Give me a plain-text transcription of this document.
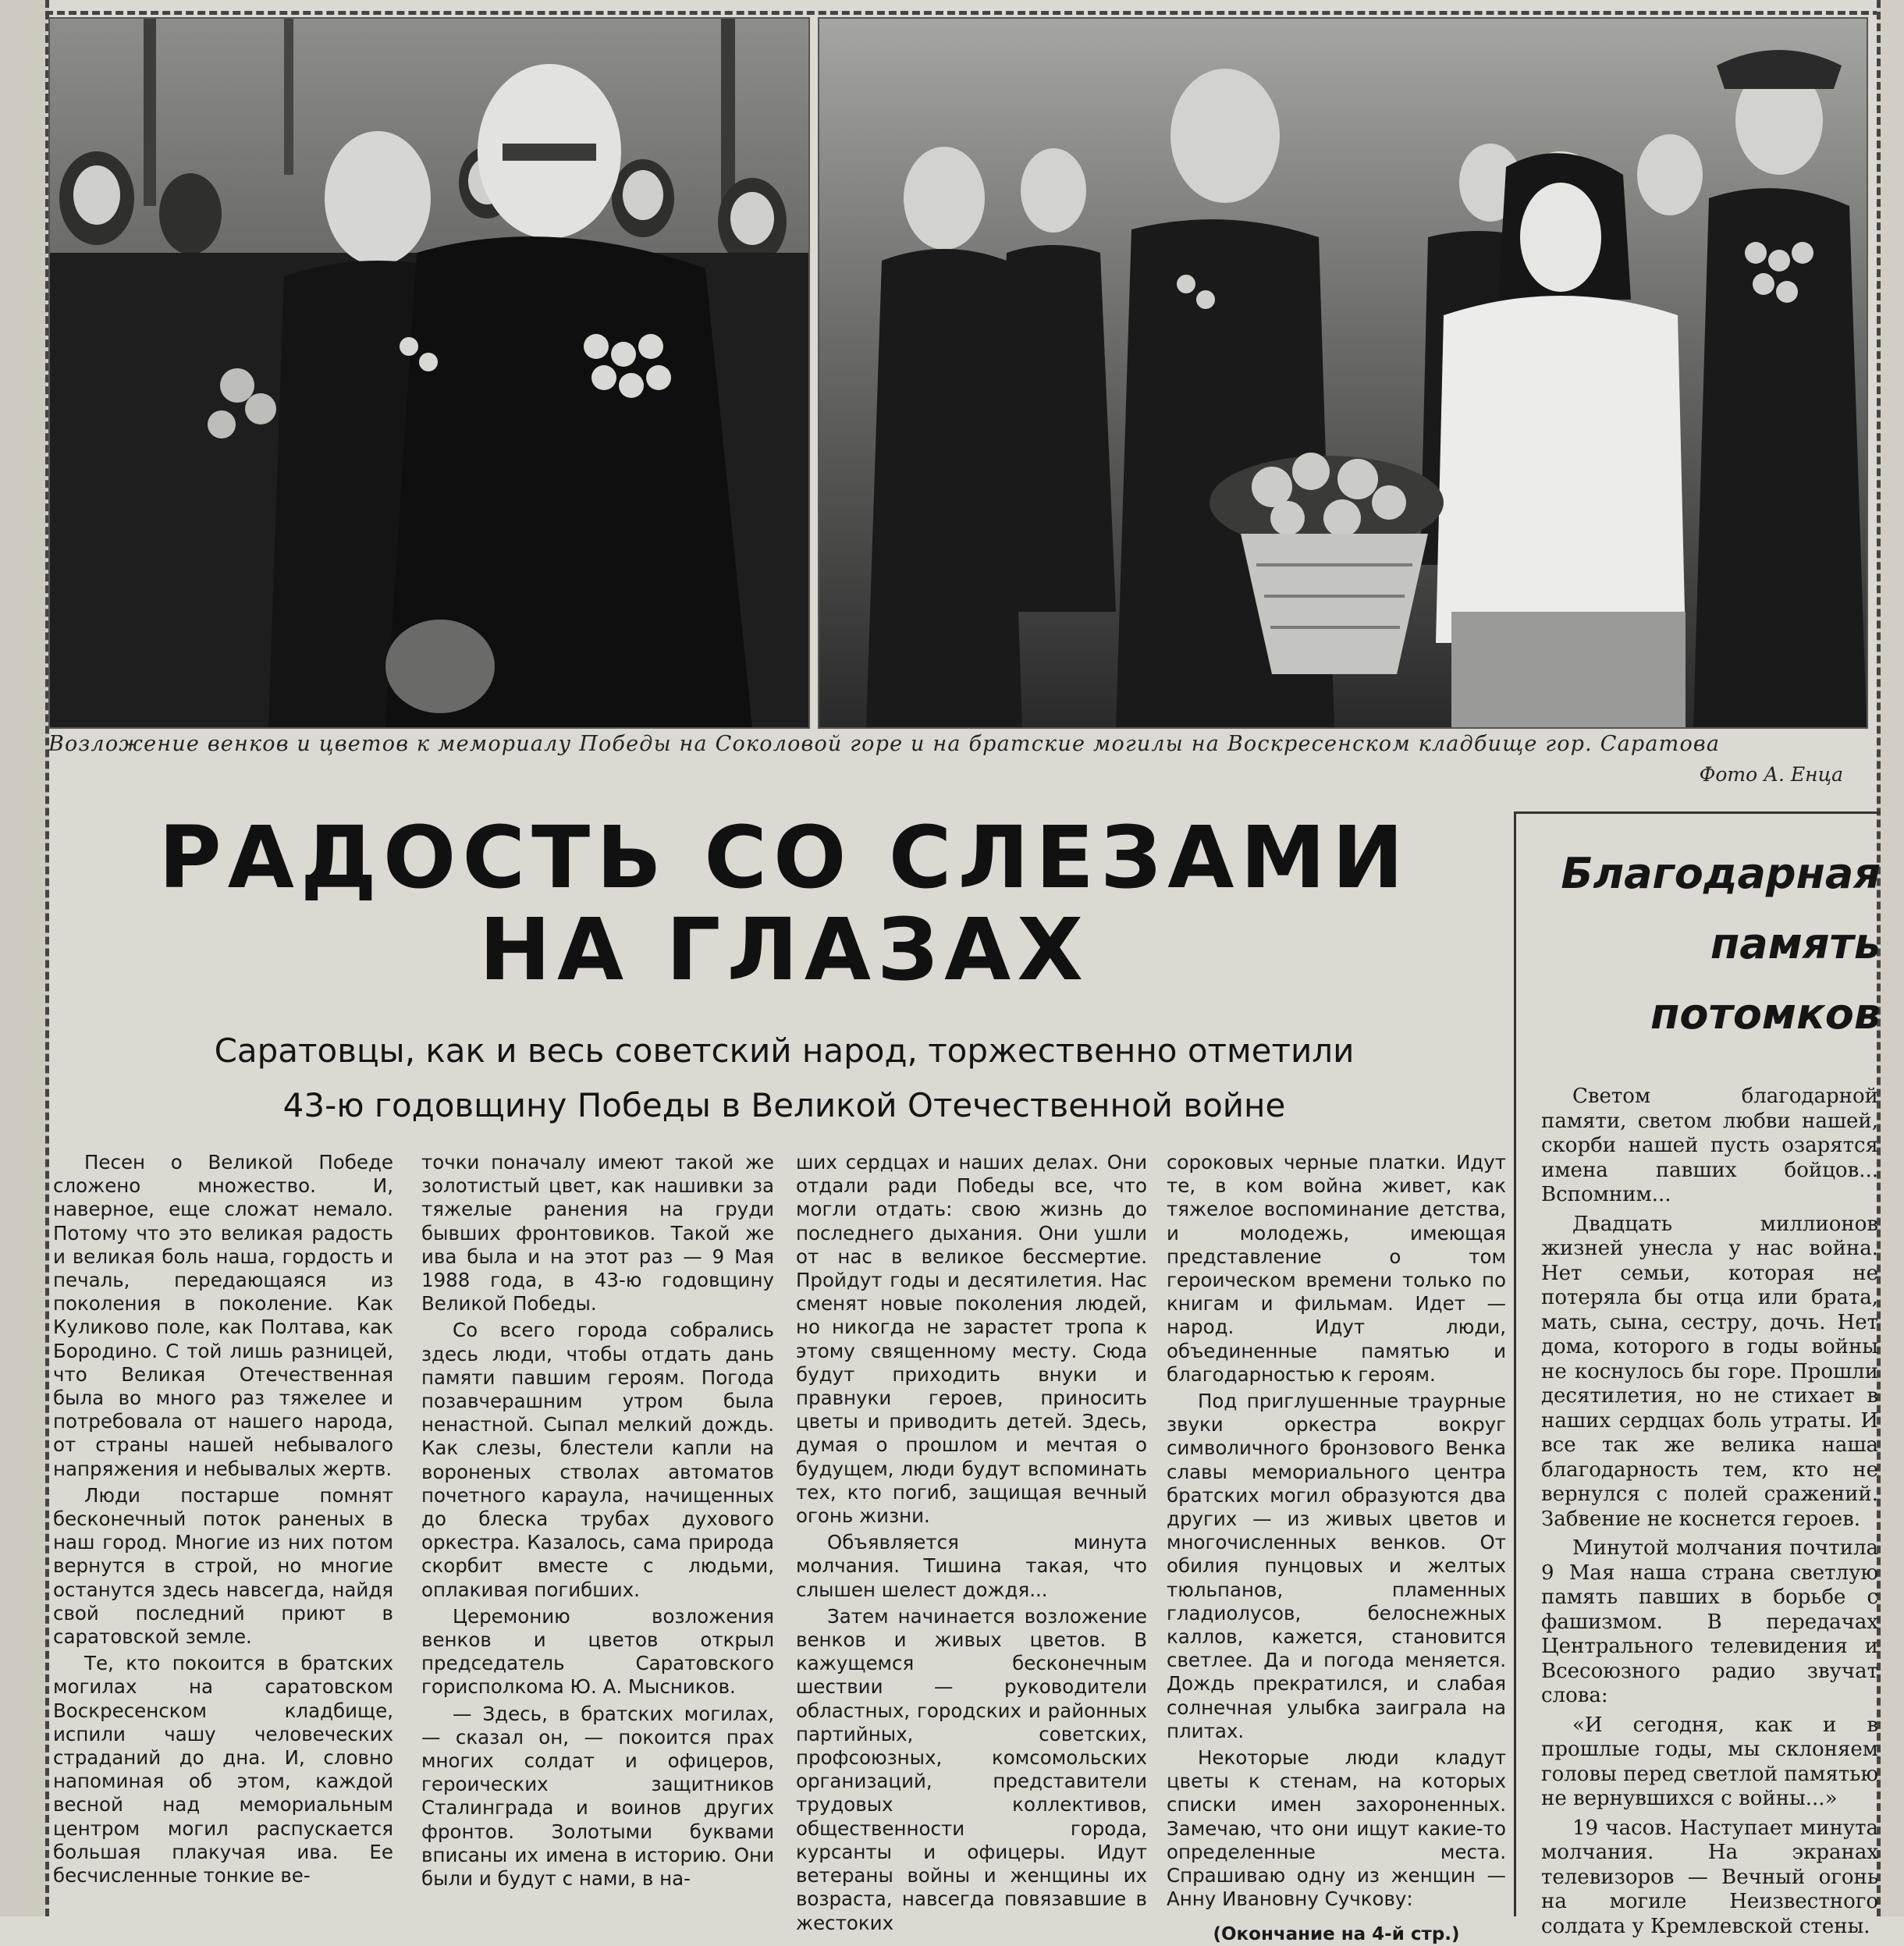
Возложение венков и цветов к мемориалу Победы на Соколовой горе и на братские могилы на Воскресенском кладбище гор. Саратова
Фото А. Енца
РАДОСТЬ СО СЛЕЗАМИ
НА ГЛАЗАХ
Саратовцы, как и весь советский народ, торжественно отметили
43-ю годовщину Победы в Великой Отечественной войне

Песен о Великой Победе сложено множество. И, наверное, еще сложат немало. Потому что это великая радость и великая боль наша, гордость и печаль, передающаяся из поколения в поколение. Как Куликово поле, как Полтава, как Бородино. С той лишь разницей, что Великая Отечественная была во много раз тяжелее и потребовала от нашего народа, от страны нашей небывалого напряжения и небывалых жертв.

Люди постарше помнят бесконечный поток раненых в наш город. Многие из них потом вернутся в строй, но многие останутся здесь навсегда, найдя свой последний приют в саратовской земле.

Те, кто покоится в братских могилах на саратовском Воскресенском кладбище, испили чашу человеческих страданий до дна. И, словно напоминая об этом, каждой весной над мемориальным центром могил распускается большая плакучая ива. Ее бесчисленные тонкие ве-

точки поначалу имеют такой же золотистый цвет, как нашивки за тяжелые ранения на груди бывших фронтовиков. Такой же ива была и на этот раз — 9 Мая 1988 года, в 43-ю годовщину Великой Победы.

Со всего города собрались здесь люди, чтобы отдать дань памяти павшим героям. Погода позавчерашним утром была ненастной. Сыпал мелкий дождь. Как слезы, блестели капли на вороненых стволах автоматов почетного караула, начищенных до блеска трубах духового оркестра. Казалось, сама природа скорбит вместе с людьми, оплакивая погибших.

Церемонию возложения венков и цветов открыл председатель Саратовского горисполкома Ю. А. Мысников.

— Здесь, в братских могилах, — сказал он, — покоится прах многих солдат и офицеров, героических защитников Сталинграда и воинов других фронтов. Золотыми буквами вписаны их имена в историю. Они были и будут с нами, в на-

ших сердцах и наших делах. Они отдали ради Победы все, что могли отдать: свою жизнь до последнего дыхания. Они ушли от нас в великое бессмертие. Пройдут годы и десятилетия. Нас сменят новые поколения людей, но никогда не зарастет тропа к этому священному месту. Сюда будут приходить внуки и правнуки героев, приносить цветы и приводить детей. Здесь, думая о прошлом и мечтая о будущем, люди будут вспоминать тех, кто погиб, защищая вечный огонь жизни.

Объявляется минута молчания. Тишина такая, что слышен шелест дождя...

Затем начинается возложение венков и живых цветов. В кажущемся бесконечным шествии — руководители областных, городских и районных партийных, советских, профсоюзных, комсомольских организаций, представители трудовых коллективов, общественности города, курсанты и офицеры. Идут ветераны войны и женщины их возраста, навсегда повязавшие в жестоких

сороковых черные платки. Идут те, в ком война живет, как тяжелое воспоминание детства, и молодежь, имеющая представление о том героическом времени только по книгам и фильмам. Идет — народ. Идут люди, объединенные памятью и благодарностью к героям.

Под приглушенные траурные звуки оркестра вокруг символичного бронзового Венка славы мемориального центра братских могил образуются два других — из живых цветов и многочисленных венков. От обилия пунцовых и желтых тюльпанов, пламенных гладиолусов, белоснежных каллов, кажется, становится светлее. Да и погода меняется. Дождь прекратился, и слабая солнечная улыбка заиграла на плитах.

Некоторые люди кладут цветы к стенам, на которых списки имен захороненных. Замечаю, что они ищут какие-то определенные места. Спрашиваю одну из женщин — Анну Ивановну Сучкову:

(Окончание на 4-й стр.)

Благодарная
память
потомков

Светом благодарной памяти, светом любви нашей, скорби нашей пусть озарятся имена павших бойцов... Вспомним...

Двадцать миллионов жизней унесла у нас война. Нет семьи, которая не потеряла бы отца или брата, мать, сына, сестру, дочь. Нет дома, которого в годы войны не коснулось бы горе. Прошли десятилетия, но не стихает в наших сердцах боль утраты. И все так же велика наша благодарность тем, кто не вернулся с полей сражений. Забвение не коснется героев.

Минутой молчания почтила 9 Мая наша страна светлую память павших в борьбе с фашизмом. В передачах Центрального телевидения и Всесоюзного радио звучат слова:

«И сегодня, как и в прошлые годы, мы склоняем головы перед светлой памятью не вернувшихся с войны...»

19 часов. Наступает минута молчания. На экранах телевизоров — Вечный огонь на могиле Неизвестного солдата у Кремлевской стены.
